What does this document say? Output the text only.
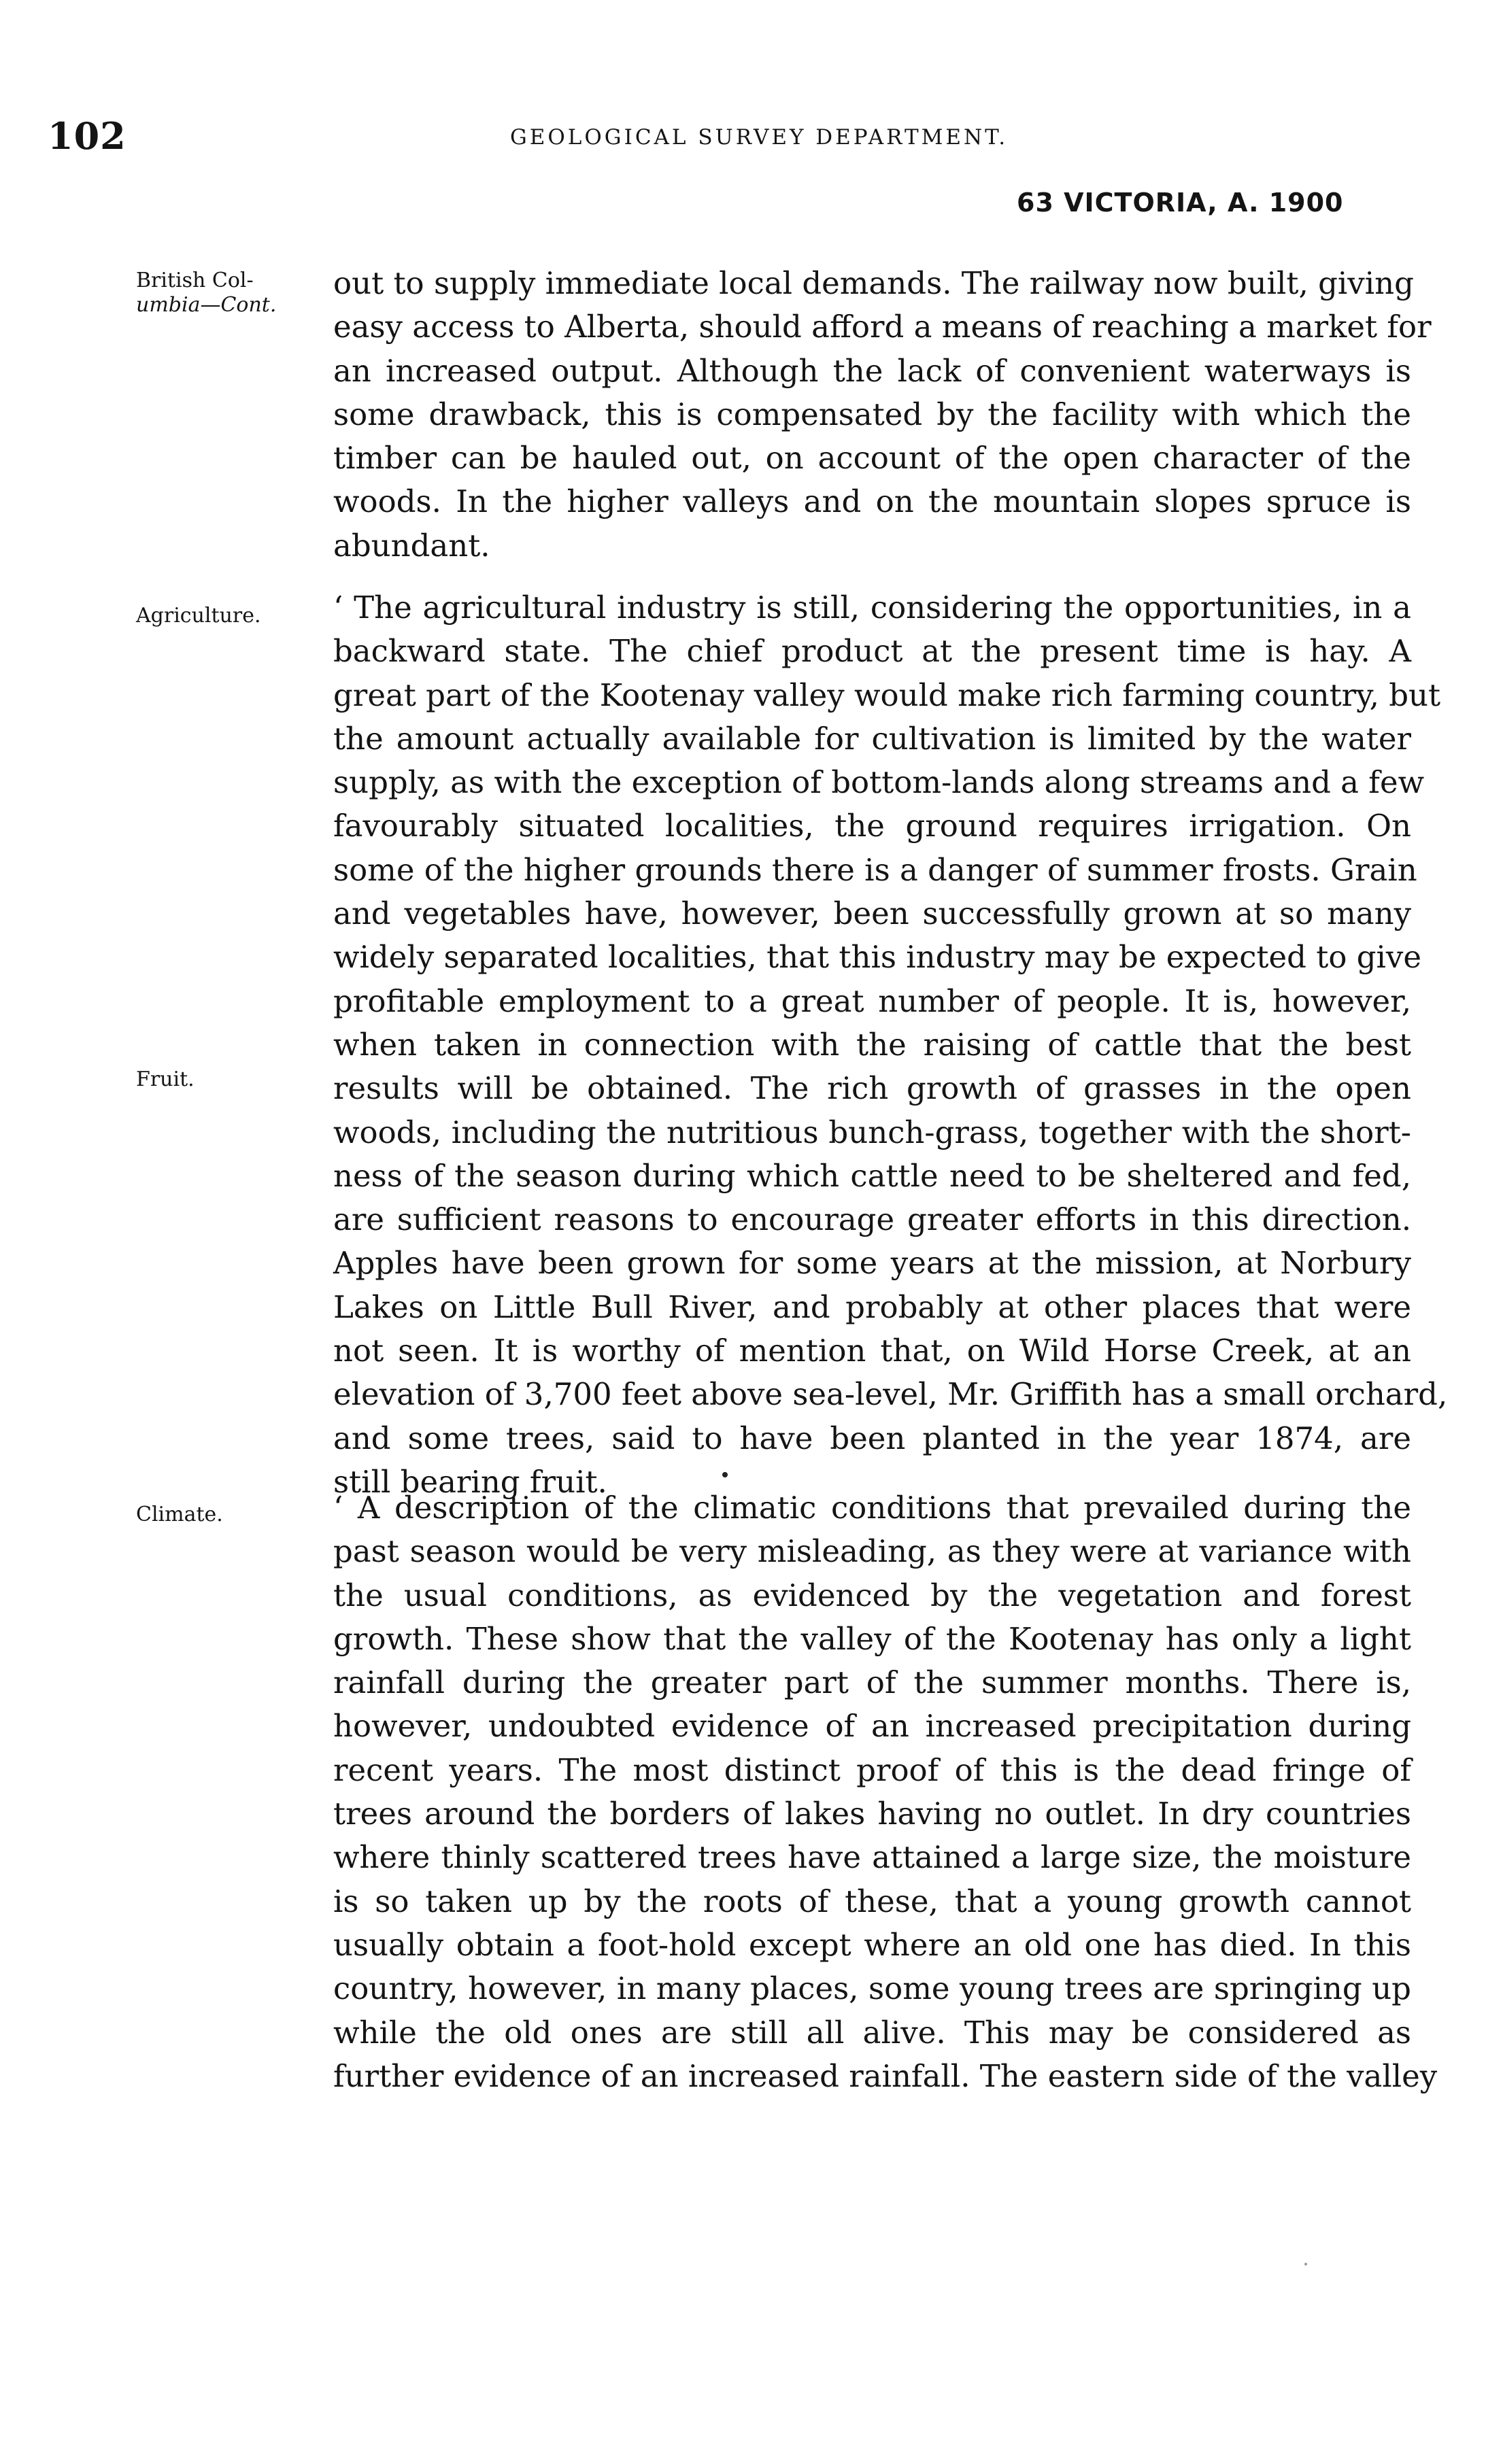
102	GEOLOGICAL SURVEY DEPARTMENT.
63 VICTORIA, A. 1900
British Col-
umbia—Cont.
Agriculture.
Fruit.
Climate.
out to supply immediate local demands. The railway now built, giving
easy access to Alberta, should afford a means of reaching a market for
an increased output. Although the lack of convenient waterways is
some drawback, this is compensated by the facility with which the
timber can be hauled out, on account of the open character of the
woods. In the higher valleys and on the mountain slopes spruce is
abundant.
‘ The agricultural industry is still, considering the opportunities, in a
backward state. The chief product at the present time is hay. A
great part of the Kootenay valley would make rich farming country, but
the amount actually available for cultivation is limited by the water
supply, as with the exception of bottom-lands along streams and a few
favourably situated localities, the ground requires irrigation. On
some of the higher grounds there is a danger of summer frosts. Grain
and vegetables have, however, been successfully grown at so many
widely separated localities, that this industry may be expected to give
profitable employment to a great number of people. It is, however,
when taken in connection with the raising of cattle that the best
results will be obtained. The rich growth of grasses in the open
woods, including the nutritious bunch-grass, together with the short-
ness of the season during which cattle need to be sheltered and fed,
are sufficient reasons to encourage greater efforts in this direction.
Apples have been grown for some years at the mission, at Norbury
Lakes on Little Bull River, and probably at other places that were
not seen. It is worthy of mention that, on Wild Horse Creek, at an
elevation of 3,700 feet above sea-level, Mr. Griffith has a small orchard,
and some trees, said to have been planted in the year 1874, are
still bearing fruit.
‘ A description of the climatic conditions that prevailed during the
past season would be very misleading, as they were at variance with
the usual conditions, as evidenced by the vegetation and forest
growth. These show that the valley of the Kootenay has only a light
rainfall during the greater part of the summer months. There is,
however, undoubted evidence of an increased precipitation during
recent years. The most distinct proof of this is the dead fringe of
trees around the borders of lakes having no outlet. In dry countries
where thinly scattered trees have attained a large size, the moisture
is so taken up by the roots of these, that a young growth cannot
usually obtain a foot-hold except where an old one has died. In this
country, however, in many places, some young trees are springing up
while the old ones are still all alive. This may be considered as
further evidence of an increased rainfall. The eastern side of the valley
